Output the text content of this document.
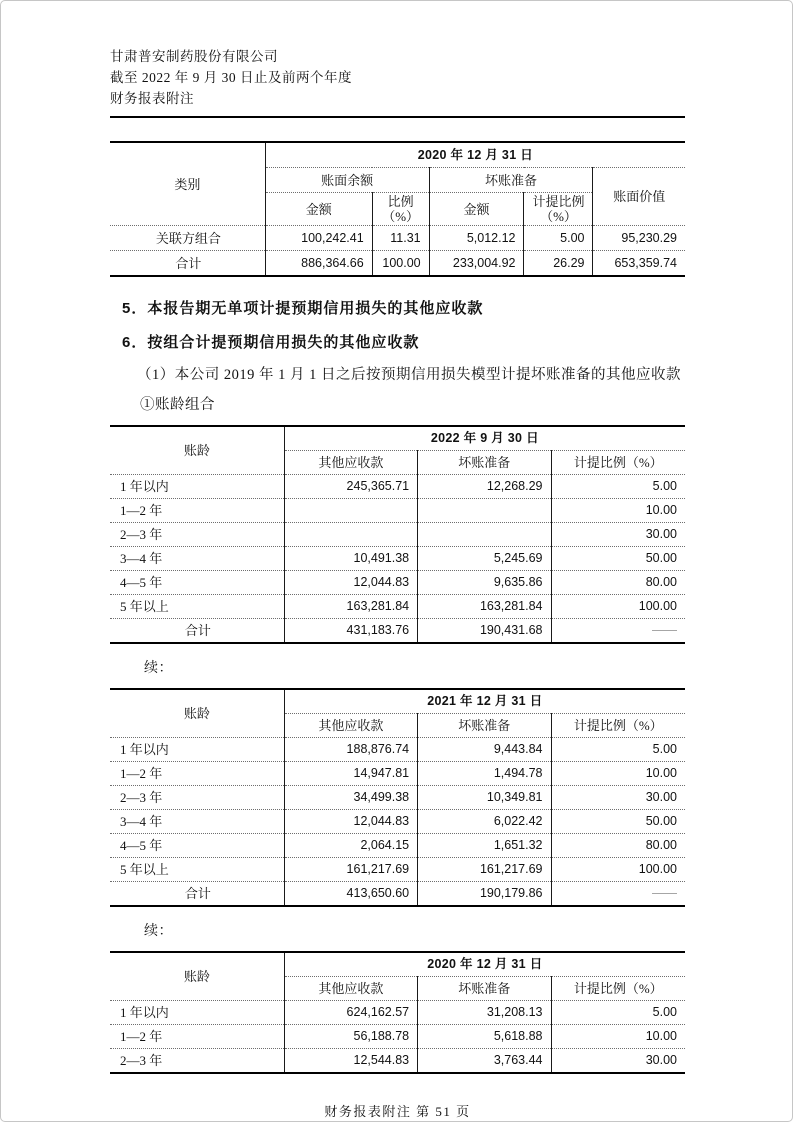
甘肃普安制药股份有限公司
截至 2022 年 9 月 30 日止及前两个年度
财务报表附注
类别	2020 年 12 月 31 日				
	账面余额		坏账准备		账面价值
	金额	比例（%）	金额	计提比例（%）	
关联方组合	100,242.41	11.31	5,012.12	5.00	95,230.29
合计	886,364.66	100.00	233,004.92	26.29	653,359.74
5．本报告期无单项计提预期信用损失的其他应收款
6．按组合计提预期信用损失的其他应收款
（1）本公司 2019 年 1 月 1 日之后按预期信用损失模型计提坏账准备的其他应收款
①账龄组合
账龄	2022 年 9 月 30 日		
	其他应收款	坏账准备	计提比例（%）
1 年以内	245,365.71	12,268.29	5.00
1—2 年			10.00
2—3 年			30.00
3—4 年	10,491.38	5,245.69	50.00
4—5 年	12,044.83	9,635.86	80.00
5 年以上	163,281.84	163,281.84	100.00
合计	431,183.76	190,431.68	——
续：
账龄	2021 年 12 月 31 日		
	其他应收款	坏账准备	计提比例（%）
1 年以内	188,876.74	9,443.84	5.00
1—2 年	14,947.81	1,494.78	10.00
2—3 年	34,499.38	10,349.81	30.00
3—4 年	12,044.83	6,022.42	50.00
4—5 年	2,064.15	1,651.32	80.00
5 年以上	161,217.69	161,217.69	100.00
合计	413,650.60	190,179.86	——
续：
账龄	2020 年 12 月 31 日		
	其他应收款	坏账准备	计提比例（%）
1 年以内	624,162.57	31,208.13	5.00
1—2 年	56,188.78	5,618.88	10.00
2—3 年	12,544.83	3,763.44	30.00
财务报表附注 第 51 页
